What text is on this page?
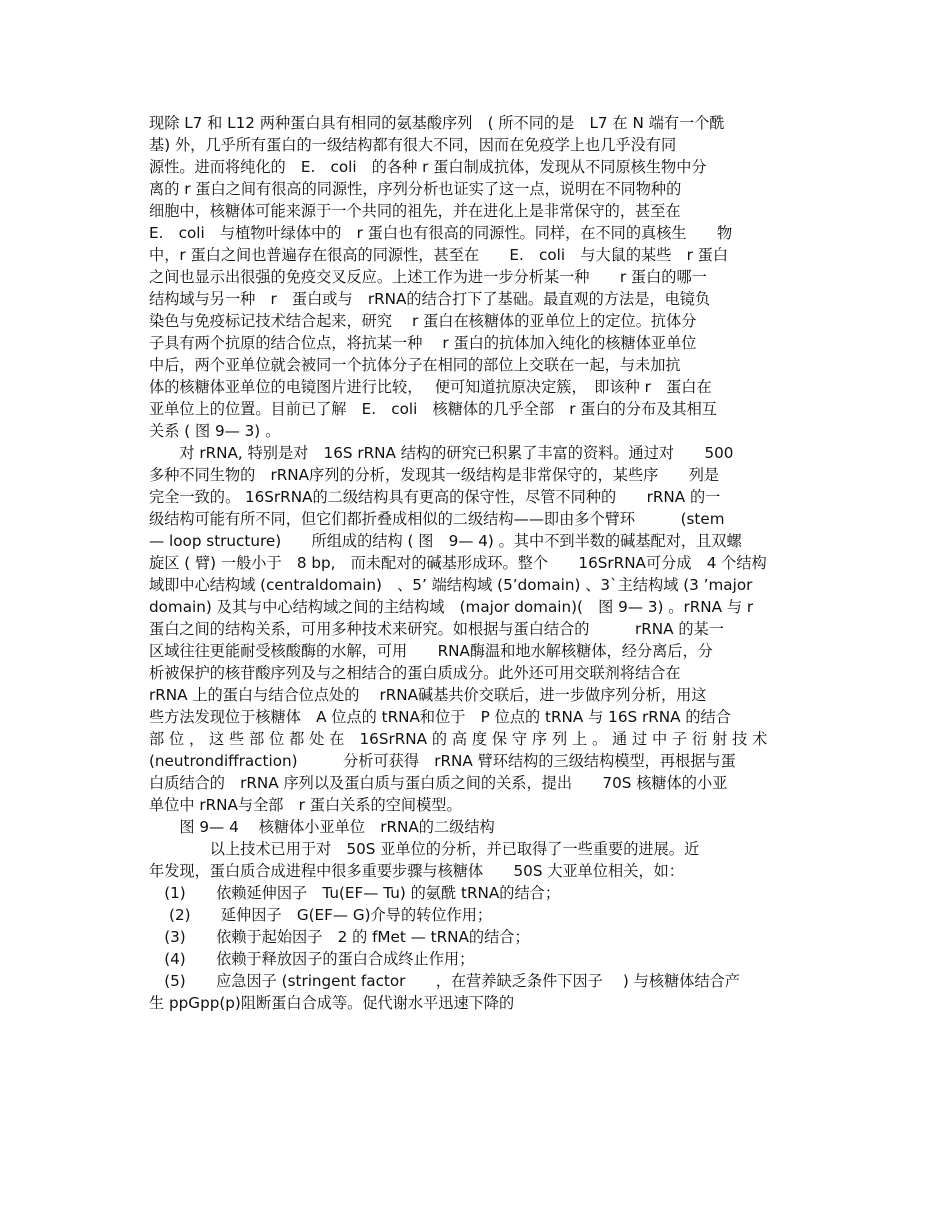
现除 L7 和 L12 两种蛋白具有相同的氨基酸序列　( 所不同的是　L7 在 N 端有一个酰
基) 外，几乎所有蛋白的一级结构都有很大不同，因而在免疫学上也几乎没有同
源性。进而将纯化的　E.　coli　的各种 r 蛋白制成抗体，发现从不同原核生物中分
离的 r 蛋白之间有很高的同源性，序列分析也证实了这一点，说明在不同物种的
细胞中，核糖体可能来源于一个共同的祖先，并在进化上是非常保守的，甚至在
E.　coli　与植物叶绿体中的　r 蛋白也有很高的同源性。同样，在不同的真核生　　物
中，r 蛋白之间也普遍存在很高的同源性，甚至在　　E.　coli　与大鼠的某些　r 蛋白
之间也显示出很强的免疫交叉反应。上述工作为进一步分析某一种　　r 蛋白的哪一
结构域与另一种　r　蛋白或与　rRNA的结合打下了基础。最直观的方法是，电镜负
染色与免疫标记技术结合起来，研究　 r 蛋白在核糖体的亚单位上的定位。抗体分
子具有两个抗原的结合位点，将抗某一种　 r 蛋白的抗体加入纯化的核糖体亚单位
中后，两个亚单位就会被同一个抗体分子在相同的部位上交联在一起，与未加抗
体的核糖体亚单位的电镜图片进行比较，　 便可知道抗原决定簇，　即该种 r　蛋白在
亚单位上的位置。目前已了解　E.　coli　核糖体的几乎全部　r 蛋白的分布及其相互
关系 ( 图 9— 3) 。
　　对 rRNA, 特别是对　16S rRNA 结构的研究已积累了丰富的资料。通过对　　500
多种不同生物的　rRNA序列的分析，发现其一级结构是非常保守的，某些序　　列是
完全一致的。 16SrRNA的二级结构具有更高的保守性，尽管不同种的　　rRNA 的一
级结构可能有所不同，但它们都折叠成相似的二级结构——即由多个臂环　　　(stem
— loop structure)　　所组成的结构 ( 图　9— 4) 。其中不到半数的碱基配对，且双螺
旋区 ( 臂) 一般小于　8 bp,　而未配对的碱基形成环。整个　　16SrRNA可分成　4 个结构
域即中心结构域 (centraldomain)　、5’ 端结构域 (5’domain) 、3`主结构域 (3 ’major
domain) 及其与中心结构域之间的主结构域　(major domain)(　图 9— 3) 。rRNA 与 r
蛋白之间的结构关系，可用多种技术来研究。如根据与蛋白结合的　　　rRNA 的某一
区域往往更能耐受核酸酶的水解，可用　　RNA酶温和地水解核糖体，经分离后，分
析被保护的核苷酸序列及与之相结合的蛋白质成分。此外还可用交联剂将结合在
rRNA 上的蛋白与结合位点处的　 rRNA碱基共价交联后，进一步做序列分析，用这
些方法发现位于核糖体　A 位点的 tRNA和位于　P 位点的 tRNA 与 16S rRNA 的结合
部 位 ， 这 些 部 位 都 处 在　16SrRNA 的 高 度 保 守 序 列 上 。 通 过 中 子 衍 射 技 术
(neutrondiffraction)　　　分析可获得　rRNA 臂环结构的三级结构模型，再根据与蛋
白质结合的　rRNA 序列以及蛋白质与蛋白质之间的关系，提出　　70S 核糖体的小亚
单位中 rRNA与全部　r 蛋白关系的空间模型。
　　图 9— 4　 核糖体小亚单位　rRNA的二级结构
　　　　以上技术已用于对　50S 亚单位的分析，并已取得了一些重要的进展。近
年发现，蛋白质合成进程中很多重要步骤与核糖体　　50S 大亚单位相关，如：
　(1)　　依赖延伸因子　Tu(EF— Tu) 的氨酰 tRNA的结合；
　 (2)　　延伸因子　G(EF— G)介导的转位作用；
　(3)　　依赖于起始因子　2 的 fMet — tRNA的结合；
　(4)　　依赖于释放因子的蛋白合成终止作用；
　(5)　　应急因子 (stringent factor　　，在营养缺乏条件下因子　 ) 与核糖体结合产
生 ppGpp(p)阻断蛋白合成等。促代谢水平迅速下降的
